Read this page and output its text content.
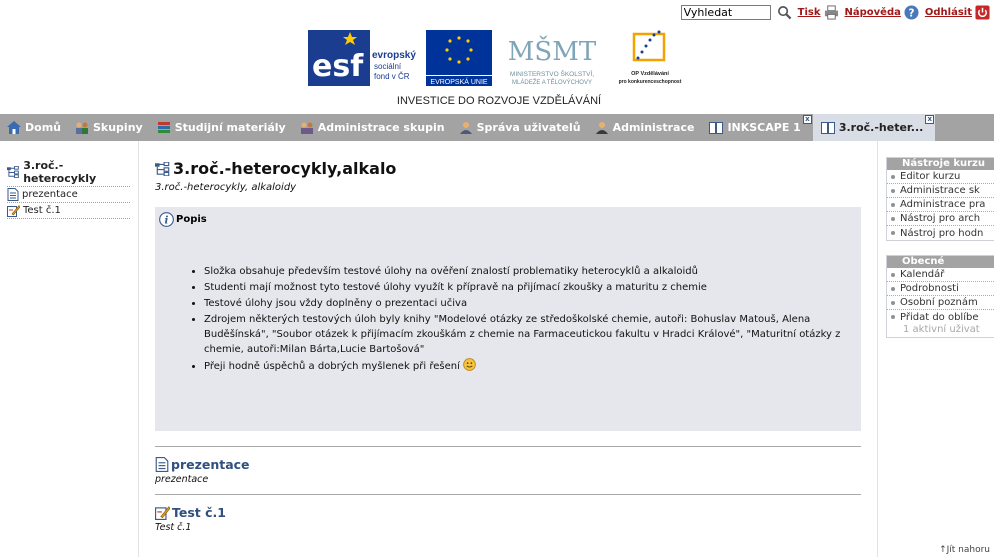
Vyhledat
Tisk Nápověda ? Odhlásit
esf evropský
sociální
fond v ČR
EVROPSKÁ UNIE
MŠMT
MINISTERSTVO ŠKOLSTVÍ,
MLÁDEŽE A TĚLOVÝCHOVY
OP Vzdělávání
pro konkurenceschopnost
INVESTICE DO ROZVOJE VZDĚLÁVÁNÍ
Domů	Skupiny	Studijní materiály	Administrace skupin	Správa uživatelů	Administrace	INKSCAPE 1
x
3.roč.-heter...
x
3.roč.-heterocykly
prezentace
Test č.1
3.roč.-heterocykly,alkalo
3.roč.-heterocykly, alkaloidy
i Popis
• Složka obsahuje především testové úlohy na ověření znalostí problematiky heterocyklů a alkaloidů
• Studenti mají možnost tyto testové úlohy využít k přípravě na přijímací zkoušky a maturitu z chemie
• Testové úlohy jsou vždy doplněny o prezentaci učiva
• Zdrojem některých testových úloh byly knihy "Modelové otázky ze středoškolské chemie, autoři: Bohuslav Matouš, Alena Buděšínská", "Soubor otázek k přijímacím zkouškám z chemie na Farmaceutickou fakultu v Hradci Králové", "Maturitní otázky z chemie, autoři:Milan Bárta,Lucie Bartošová"
• Přeji hodně úspěchů a dobrých myšlenek při řešení
prezentace
prezentace
Test č.1
Test č.1
Nástroje kurzu
Editor kurzu
Administrace sk
Administrace pra
Nástroj pro arch
Nástroj pro hodn
Obecné
Kalendář
Podrobnosti
Osobní poznám
Přidat do oblíbe
1 aktivní uživat
↑Jít nahoru
